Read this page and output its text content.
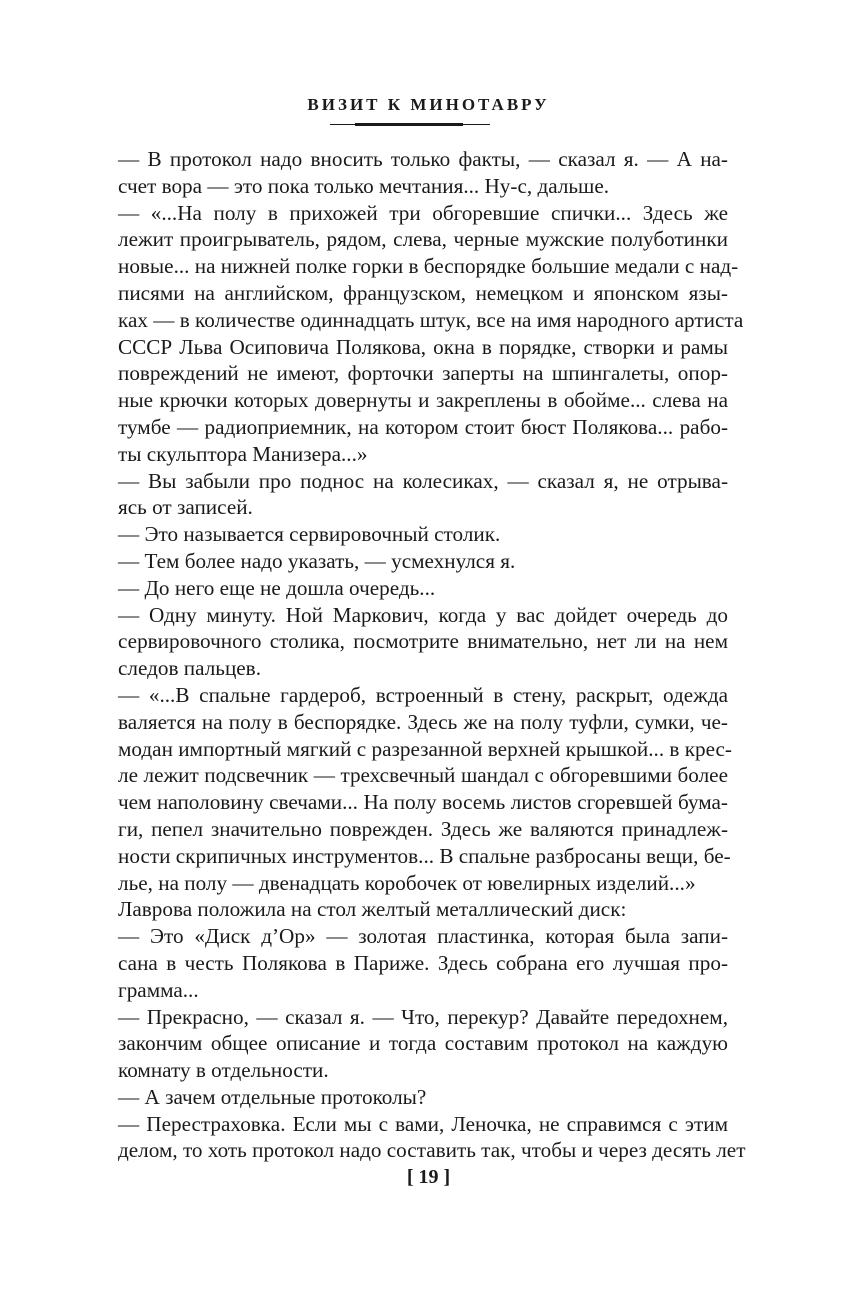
ВИЗИТ К МИНОТАВРУ
— В протокол надо вносить только факты, — сказал я. — А на-
счет вора — это пока только мечтания... Ну-с, дальше.
— «...На полу в прихожей три обгоревшие спички... Здесь же
лежит проигрыватель, рядом, слева, черные мужские полуботинки
новые... на нижней полке горки в беспорядке большие медали с над-
писями на английском, французском, немецком и японском язы-
ках — в количестве одиннадцать штук, все на имя народного артиста
СССР Льва Осиповича Полякова, окна в порядке, створки и рамы
повреждений не имеют, форточки заперты на шпингалеты, опор-
ные крючки которых довернуты и закреплены в обойме... слева на
тумбе — радиоприемник, на котором стоит бюст Полякова... рабо-
ты скульптора Манизера...»
— Вы забыли про поднос на колесиках, — сказал я, не отрыва-
ясь от записей.
— Это называется сервировочный столик.
— Тем более надо указать, — усмехнулся я.
— До него еще не дошла очередь...
— Одну минуту. Ной Маркович, когда у вас дойдет очередь до
сервировочного столика, посмотрите внимательно, нет ли на нем
следов пальцев.
— «...В спальне гардероб, встроенный в стену, раскрыт, одежда
валяется на полу в беспорядке. Здесь же на полу туфли, сумки, че-
модан импортный мягкий с разрезанной верхней крышкой... в крес-
ле лежит подсвечник — трехсвечный шандал с обгоревшими более
чем наполовину свечами... На полу восемь листов сгоревшей бума-
ги, пепел значительно поврежден. Здесь же валяются принадлеж-
ности скрипичных инструментов... В спальне разбросаны вещи, бе-
лье, на полу — двенадцать коробочек от ювелирных изделий...»
Лаврова положила на стол желтый металлический диск:
— Это «Диск д’Ор» — золотая пластинка, которая была запи-
сана в честь Полякова в Париже. Здесь собрана его лучшая про-
грамма...
— Прекрасно, — сказал я. — Что, перекур? Давайте передохнем,
закончим общее описание и тогда составим протокол на каждую
комнату в отдельности.
— А зачем отдельные протоколы?
— Перестраховка. Если мы с вами, Леночка, не справимся с этим
делом, то хоть протокол надо составить так, чтобы и через десять лет
[ 19 ]
